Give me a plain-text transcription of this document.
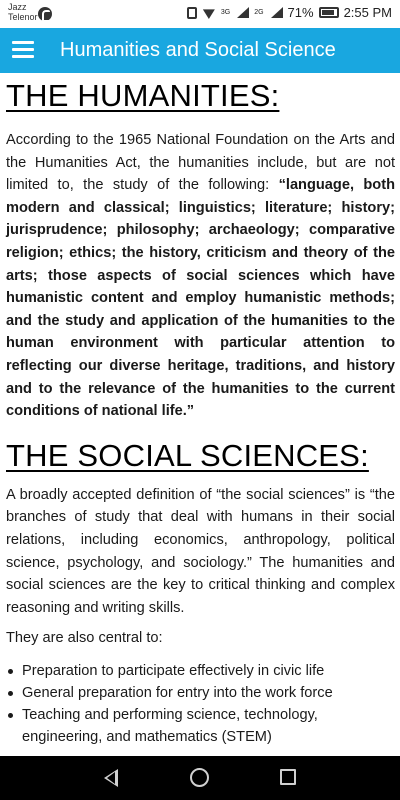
Jazz
Telenor	3G	2G 71% 2:55 PM
Humanities and Social Science
THE HUMANITIES:

According to the 1965 National Foundation on the Arts and the Humanities Act, the humanities include, but are not limited to, the study of the following: “language, both modern and classical; linguistics; literature; history; jurisprudence; philosophy; archaeology; comparative religion; ethics; the history, criticism and theory of the arts; those aspects of social sciences which have humanistic content and employ humanistic methods; and the study and application of the humanities to the human environment with particular attention to reflecting our diverse heritage, traditions, and history and to the relevance of the humanities to the current conditions of national life.”

THE SOCIAL SCIENCES:

A broadly accepted definition of “the social sciences” is “the branches of study that deal with humans in their social relations, including economics, anthropology, political science, psychology, and sociology.” The humanities and social sciences are the key to critical thinking and complex reasoning and writing skills.

They are also central to:

Preparation to participate effectively in civic life
General preparation for entry into the work force
Teaching and performing science, technology, engineering, and mathematics (STEM)
